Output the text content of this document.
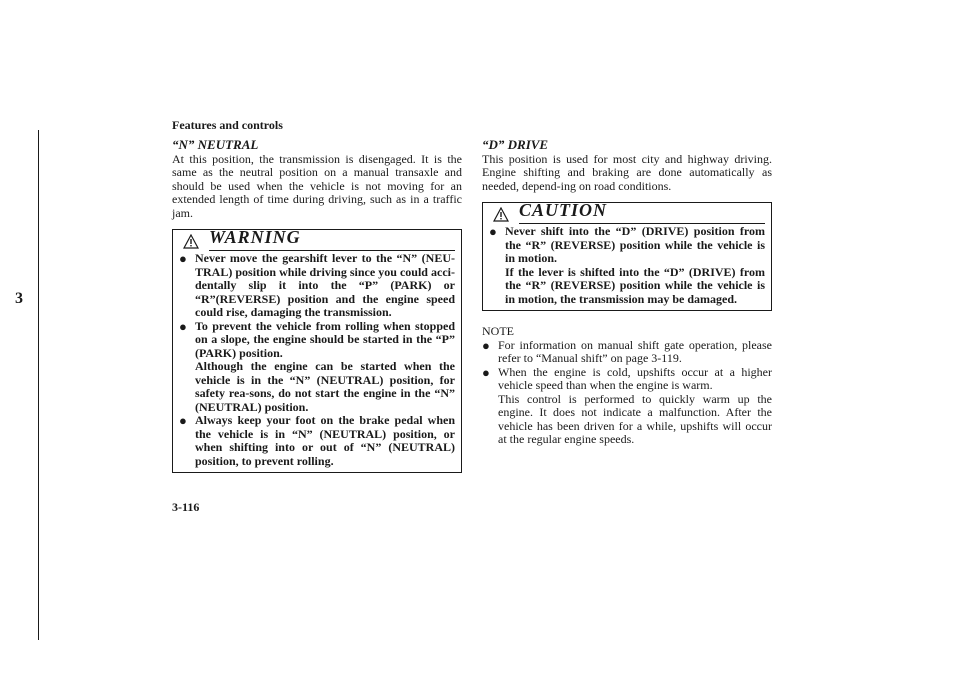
Features and controls
3

“N” NEUTRAL

At this position, the transmission is disengaged. It is the same as the neutral position on a manual transaxle and should be used when the vehicle is not moving for an extended length of time during driving, such as in a traffic jam.

WARNING
● Never move the gearshift lever to the “N” (NEU-TRAL) position while driving since you could acci-dentally slip it into the “P” (PARK) or “R”(REVERSE) position and the engine speed could rise, damaging the transmission.
● To prevent the vehicle from rolling when stopped on a slope, the engine should be started in the “P” (PARK) position.
Although the engine can be started when the vehicle is in the “N” (NEUTRAL) position, for safety rea-sons, do not start the engine in the “N” (NEUTRAL) position.
● Always keep your foot on the brake pedal when the vehicle is in “N” (NEUTRAL) position, or when shifting into or out of “N” (NEUTRAL) position, to prevent rolling.

“D” DRIVE

This position is used for most city and highway driving. Engine shifting and braking are done automatically as needed, depend-ing on road conditions.

CAUTION
● Never shift into the “D” (DRIVE) position from the “R” (REVERSE) position while the vehicle is in motion.
If the lever is shifted into the “D” (DRIVE) from the “R” (REVERSE) position while the vehicle is in motion, the transmission may be damaged.

NOTE

● For information on manual shift gate operation, please refer to “Manual shift” on page 3-119.
● When the engine is cold, upshifts occur at a higher vehicle speed than when the engine is warm.
This control is performed to quickly warm up the engine. It does not indicate a malfunction. After the vehicle has been driven for a while, upshifts will occur at the regular engine speeds.
3-116
